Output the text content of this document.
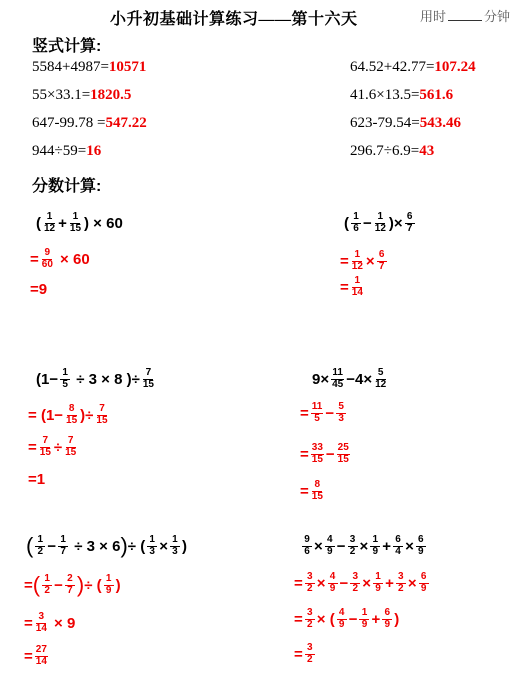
小升初基础计算练习——第十六天	用时	分钟
竖式计算:
5584+4987=10571	64.52+42.77=107.24
55×33.1=1820.5	41.6×13.5=561.6
647-99.78 =547.22	623-79.54=543.46
944÷59=16	296.7÷6.9=43
分数计算:
( 1
$12 + \frac{1}{15}$ ) × 60
= $\frac{9}{60} \times 60$
= 9
( 1
$6 - \frac{1}{12}$ ) × $\frac{6}{7}$
= $\frac{1}{12} \times \frac{6}{7}$
= $\frac{1}{14}$
( $1 - \frac{1}{5} \div 3 \times 8$ ) ÷ $\frac{7}{15}$
=
( $1 - \frac{8}{15}$ ) ÷ $\frac{7}{15}$
= $\frac{7}{15} \div \frac{7}{15}$
= 1
$9 \times \frac{11}{45} - 4 \times \frac{5}{12}$
= $\frac{11}{5} - \frac{5}{3}$
= $\frac{33}{15} - \frac{25}{15}$
= $\frac{8}{15}$
( 1
$2 - \frac{1}{7} \div 3 \times 6$ ) ÷
( $\frac{1}{3} \times \frac{1}{3}$ )
= ( 1
$2 - \frac{2}{7}$ ) ÷
( 1
9 )
= $\frac{3}{14} \times 9$
= $\frac{27}{14}$
$\frac{9}{6} \times \frac{4}{9} - \frac{3}{2} \times \frac{1}{9} + \frac{6}{4} \times \frac{6}{9}$
= $\frac{3}{2} \times \frac{4}{9} - \frac{3}{2} \times \frac{1}{9} + \frac{3}{2} \times \frac{6}{9}$
= $\frac{3}{2}$ ×
( 4
$9 - \frac{1}{9} + \frac{6}{9}$ )
= $\frac{3}{2}$
